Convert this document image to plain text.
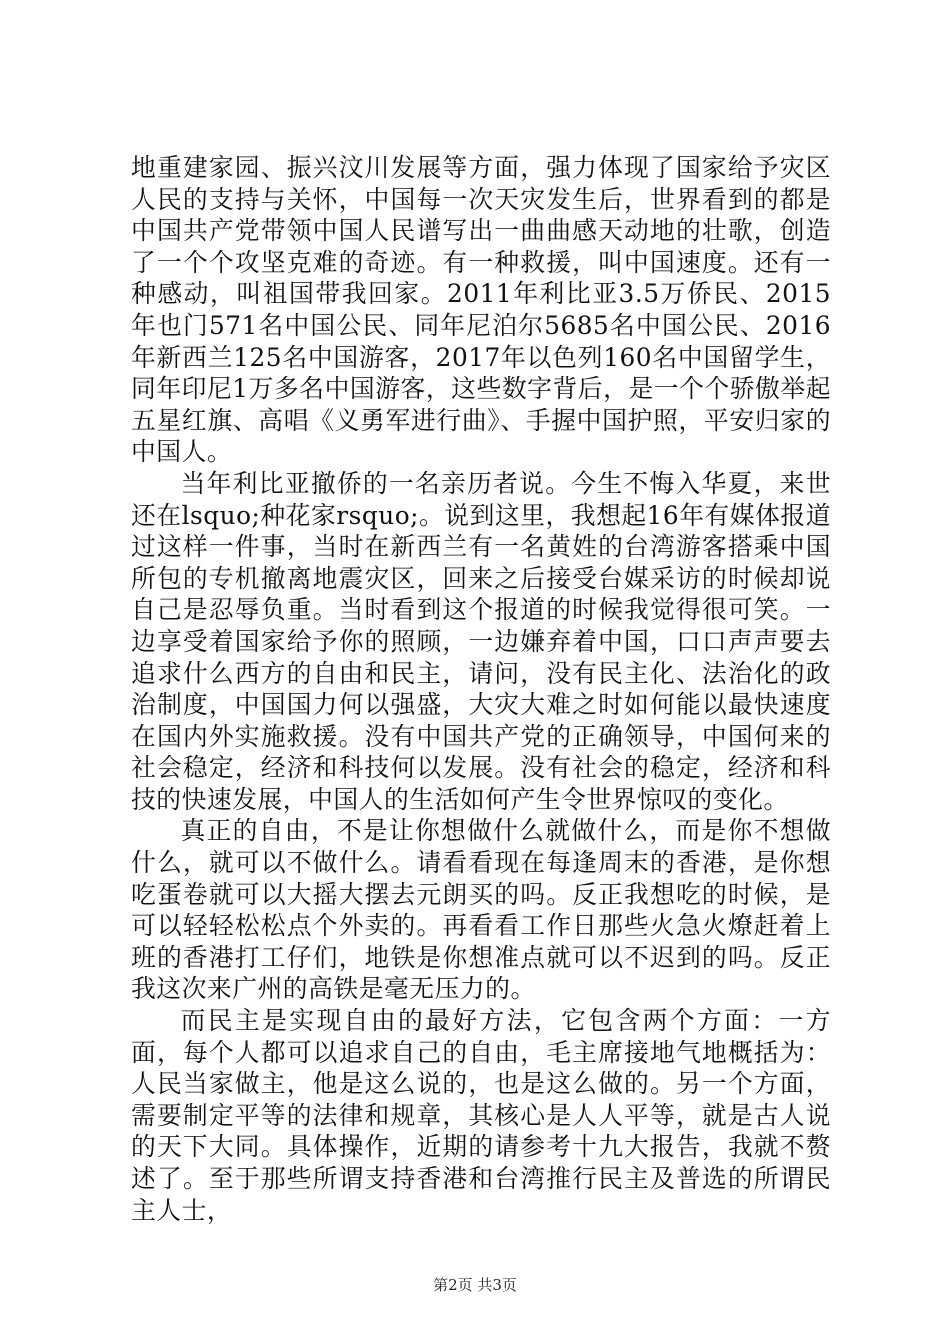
地重建家园、振兴汶川发展等方面，强力体现了国家给予灾区人民的支持与关怀，中国每一次天灾发生后，世界看到的都是中国共产党带领中国人民谱写出一曲曲感天动地的壮歌，创造了一个个攻坚克难的奇迹。有一种救援，叫中国速度。还有一种感动，叫祖国带我回家。2011年利比亚3.5万侨民、2015年也门571名中国公民、同年尼泊尔5685名中国公民、2016年新西兰125名中国游客，2017年以色列160名中国留学生，同年印尼1万多名中国游客，这些数字背后，是一个个骄傲举起五星红旗、高唱《义勇军进行曲》、手握中国护照，平安归家的中国人。

当年利比亚撤侨的一名亲历者说。今生不悔入华夏，来世还在lsquo;种花家rsquo;。说到这里，我想起16年有媒体报道过这样一件事，当时在新西兰有一名黄姓的台湾游客搭乘中国所包的专机撤离地震灾区，回来之后接受台媒采访的时候却说自己是忍辱负重。当时看到这个报道的时候我觉得很可笑。一边享受着国家给予你的照顾，一边嫌弃着中国，口口声声要去追求什么西方的自由和民主，请问，没有民主化、法治化的政治制度，中国国力何以强盛，大灾大难之时如何能以最快速度在国内外实施救援。没有中国共产党的正确领导，中国何来的社会稳定，经济和科技何以发展。没有社会的稳定，经济和科技的快速发展，中国人的生活如何产生令世界惊叹的变化。

真正的自由，不是让你想做什么就做什么，而是你不想做什么，就可以不做什么。请看看现在每逢周末的香港，是你想吃蛋卷就可以大摇大摆去元朗买的吗。反正我想吃的时候，是可以轻轻松松点个外卖的。再看看工作日那些火急火燎赶着上班的香港打工仔们，地铁是你想准点就可以不迟到的吗。反正我这次来广州的高铁是毫无压力的。

而民主是实现自由的最好方法，它包含两个方面：一方面，每个人都可以追求自己的自由，毛主席接地气地概括为：人民当家做主，他是这么说的，也是这么做的。另一个方面，需要制定平等的法律和规章，其核心是人人平等，就是古人说的天下大同。具体操作，近期的请参考十九大报告，我就不赘述了。至于那些所谓支持香港和台湾推行民主及普选的所谓民主人士，

第2页 共3页
